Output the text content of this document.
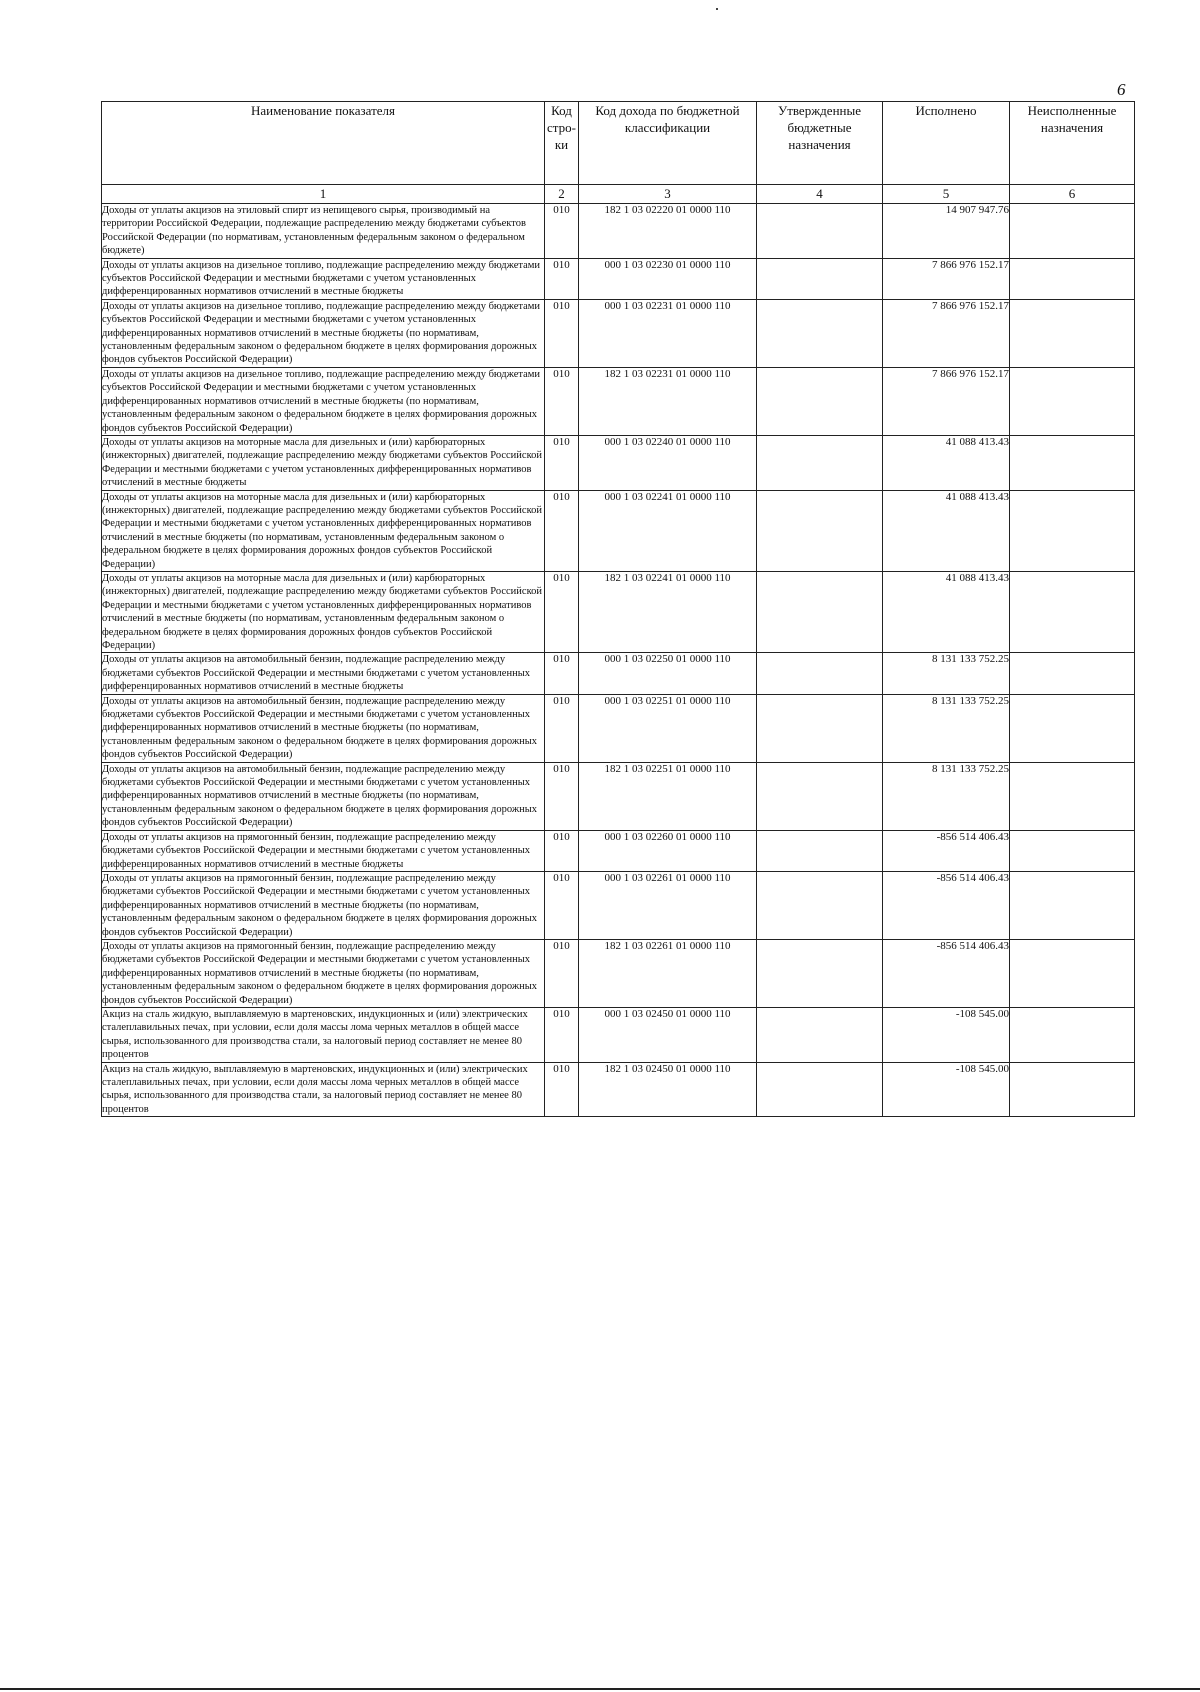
6
Наименование показателя	Код стро-ки	Код дохода по бюджетной классификации	Утвержденные бюджетные назначения	Исполнено	Неисполненные назначения
1	2	3	4	5	6
Доходы от уплаты акцизов на этиловый спирт из непищевого сырья, производимый на территории Российской Федерации, подлежащие распределению между бюджетами субъектов Российской Федерации (по нормативам, установленным федеральным законом о федеральном бюджете)	010	182 1 03 02220 01 0000 110		14 907 947.76	
Доходы от уплаты акцизов на дизельное топливо, подлежащие распределению между бюджетами субъектов Российской Федерации и местными бюджетами с учетом установленных дифференцированных нормативов отчислений в местные бюджеты	010	000 1 03 02230 01 0000 110		7 866 976 152.17	
Доходы от уплаты акцизов на дизельное топливо, подлежащие распределению между бюджетами субъектов Российской Федерации и местными бюджетами с учетом установленных дифференцированных нормативов отчислений в местные бюджеты (по нормативам, установленным федеральным законом о федеральном бюджете в целях формирования дорожных фондов субъектов Российской Федерации)	010	000 1 03 02231 01 0000 110		7 866 976 152.17	
Доходы от уплаты акцизов на дизельное топливо, подлежащие распределению между бюджетами субъектов Российской Федерации и местными бюджетами с учетом установленных дифференцированных нормативов отчислений в местные бюджеты (по нормативам, установленным федеральным законом о федеральном бюджете в целях формирования дорожных фондов субъектов Российской Федерации)	010	182 1 03 02231 01 0000 110		7 866 976 152.17	
Доходы от уплаты акцизов на моторные масла для дизельных и (или) карбюраторных (инжекторных) двигателей, подлежащие распределению между бюджетами субъектов Российской Федерации и местными бюджетами с учетом установленных дифференцированных нормативов отчислений в местные бюджеты	010	000 1 03 02240 01 0000 110		41 088 413.43	
Доходы от уплаты акцизов на моторные масла для дизельных и (или) карбюраторных (инжекторных) двигателей, подлежащие распределению между бюджетами субъектов Российской Федерации и местными бюджетами с учетом установленных дифференцированных нормативов отчислений в местные бюджеты (по нормативам, установленным федеральным законом о федеральном бюджете в целях формирования дорожных фондов субъектов Российской Федерации)	010	000 1 03 02241 01 0000 110		41 088 413.43	
Доходы от уплаты акцизов на моторные масла для дизельных и (или) карбюраторных (инжекторных) двигателей, подлежащие распределению между бюджетами субъектов Российской Федерации и местными бюджетами с учетом установленных дифференцированных нормативов отчислений в местные бюджеты (по нормативам, установленным федеральным законом о федеральном бюджете в целях формирования дорожных фондов субъектов Российской Федерации)	010	182 1 03 02241 01 0000 110		41 088 413.43	
Доходы от уплаты акцизов на автомобильный бензин, подлежащие распределению между бюджетами субъектов Российской Федерации и местными бюджетами с учетом установленных дифференцированных нормативов отчислений в местные бюджеты	010	000 1 03 02250 01 0000 110		8 131 133 752.25	
Доходы от уплаты акцизов на автомобильный бензин, подлежащие распределению между бюджетами субъектов Российской Федерации и местными бюджетами с учетом установленных дифференцированных нормативов отчислений в местные бюджеты (по нормативам, установленным федеральным законом о федеральном бюджете в целях формирования дорожных фондов субъектов Российской Федерации)	010	000 1 03 02251 01 0000 110		8 131 133 752.25	
Доходы от уплаты акцизов на автомобильный бензин, подлежащие распределению между бюджетами субъектов Российской Федерации и местными бюджетами с учетом установленных дифференцированных нормативов отчислений в местные бюджеты (по нормативам, установленным федеральным законом о федеральном бюджете в целях формирования дорожных фондов субъектов Российской Федерации)	010	182 1 03 02251 01 0000 110		8 131 133 752.25	
Доходы от уплаты акцизов на прямогонный бензин, подлежащие распределению между бюджетами субъектов Российской Федерации и местными бюджетами с учетом установленных дифференцированных нормативов отчислений в местные бюджеты	010	000 1 03 02260 01 0000 110		-856 514 406.43	
Доходы от уплаты акцизов на прямогонный бензин, подлежащие распределению между бюджетами субъектов Российской Федерации и местными бюджетами с учетом установленных дифференцированных нормативов отчислений в местные бюджеты (по нормативам, установленным федеральным законом о федеральном бюджете в целях формирования дорожных фондов субъектов Российской Федерации)	010	000 1 03 02261 01 0000 110		-856 514 406.43	
Доходы от уплаты акцизов на прямогонный бензин, подлежащие распределению между бюджетами субъектов Российской Федерации и местными бюджетами с учетом установленных дифференцированных нормативов отчислений в местные бюджеты (по нормативам, установленным федеральным законом о федеральном бюджете в целях формирования дорожных фондов субъектов Российской Федерации)	010	182 1 03 02261 01 0000 110		-856 514 406.43	
Акциз на сталь жидкую, выплавляемую в мартеновских, индукционных и (или) электрических сталеплавильных печах, при условии, если доля массы лома черных металлов в общей массе сырья, использованного для производства стали, за налоговый период составляет не менее 80 процентов	010	000 1 03 02450 01 0000 110		-108 545.00	
Акциз на сталь жидкую, выплавляемую в мартеновских, индукционных и (или) электрических сталеплавильных печах, при условии, если доля массы лома черных металлов в общей массе сырья, использованного для производства стали, за налоговый период составляет не менее 80 процентов	010	182 1 03 02450 01 0000 110		-108 545.00	
